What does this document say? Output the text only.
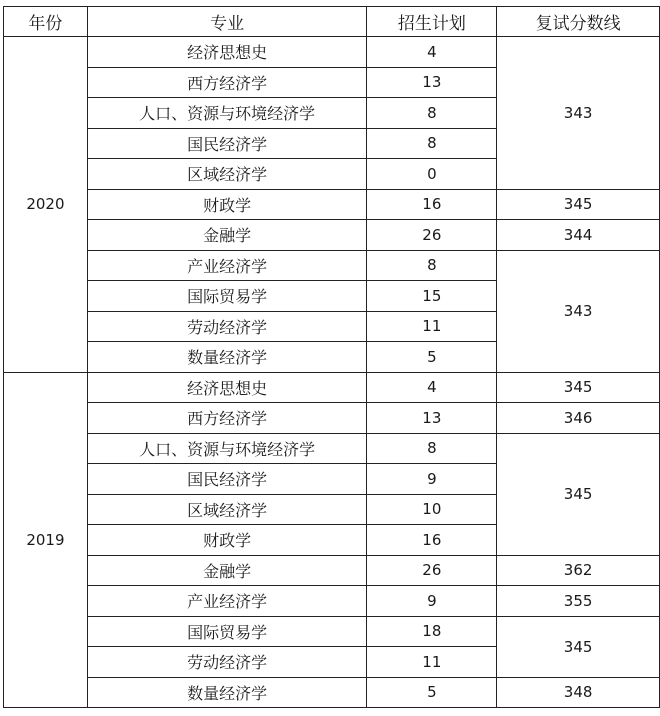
年份	专业	招生计划	复试分数线
2020	经济思想史	4	343
	西方经济学	13	
	人口、资源与环境经济学	8	
	国民经济学	8	
	区域经济学	0	
	财政学	16	345
	金融学	26	344
	产业经济学	8	343
	国际贸易学	15	
	劳动经济学	11	
	数量经济学	5	
2019	经济思想史	4	345
	西方经济学	13	346
	人口、资源与环境经济学	8	345
	国民经济学	9	
	区域经济学	10	
	财政学	16	
	金融学	26	362
	产业经济学	9	355
	国际贸易学	18	345
	劳动经济学	11	
	数量经济学	5	348
